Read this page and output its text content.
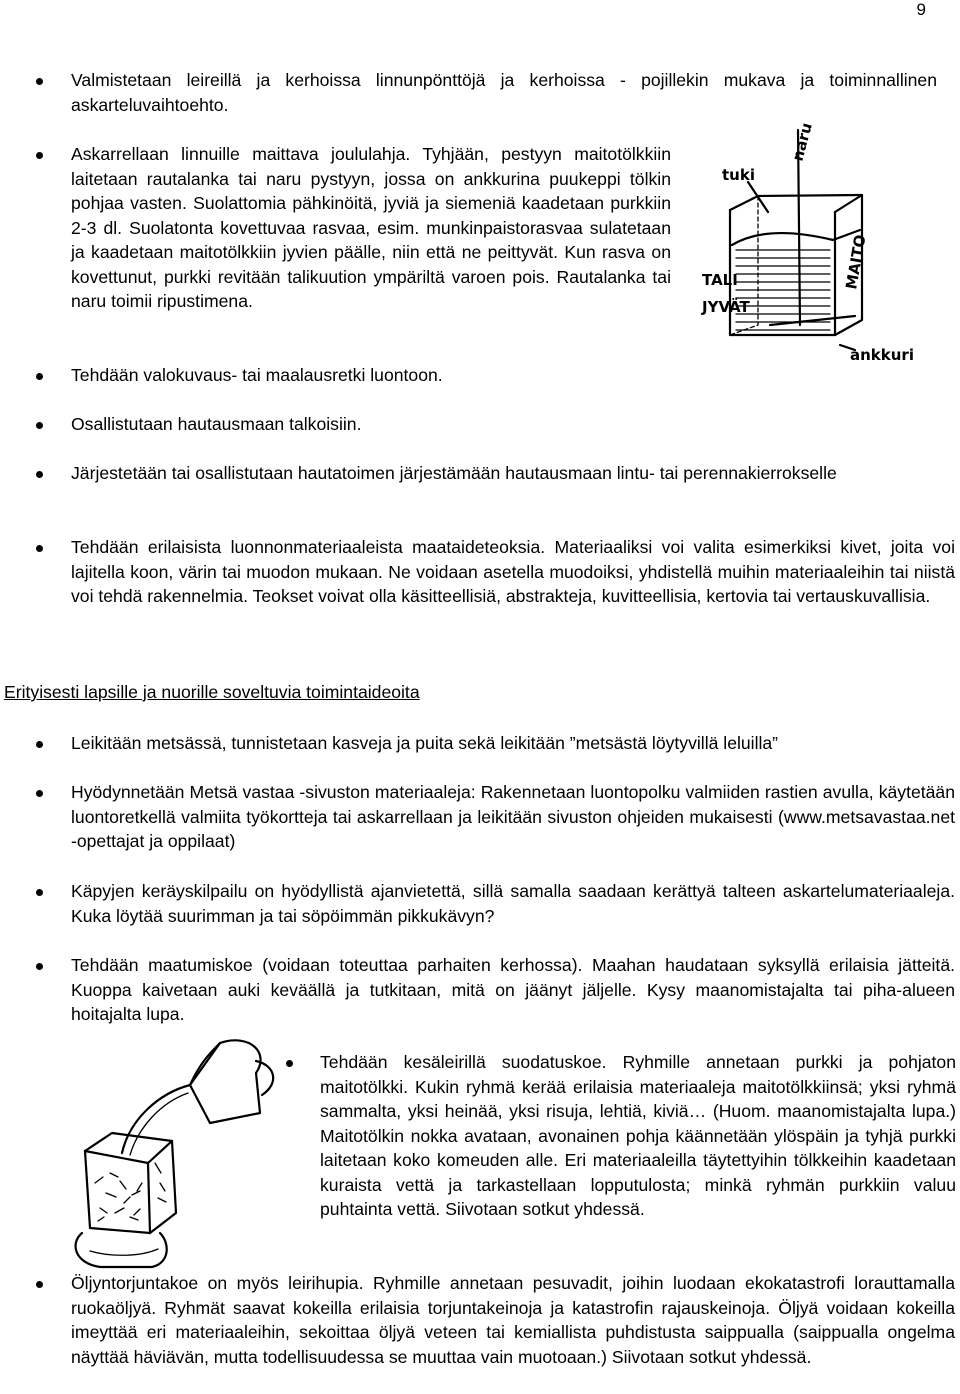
9

Valmistetaan leireillä ja kerhoissa linnunpönttöjä ja kerhoissa - pojillekin mukava ja toiminnallinen askarteluvaihtoehto.

Askarrellaan linnuille maittava joululahja. Tyhjään, pestyyn maitotölkkiin laitetaan rautalanka tai naru pystyyn, jossa on ankkurina puukeppi tölkin pohjaa vasten. Suolattomia pähkinöitä, jyviä ja siemeniä kaadetaan purkkiin 2-3 dl. Suolatonta kovettuvaa rasvaa, esim. munkinpaistorasvaa sulatetaan ja kaadetaan maitotölkkiin jyvien päälle, niin että ne peittyvät. Kun rasva on kovettunut, purkki revitään talikuution ympäriltä varoen pois. Rautalanka tai naru toimii ripustimena.

Tehdään valokuvaus- tai maalausretki luontoon.

Osallistutaan hautausmaan talkoisiin.

Järjestetään tai osallistutaan hautatoimen järjestämään hautausmaan lintu- tai perennakierrokselle

Tehdään erilaisista luonnonmateriaaleista maataideteoksia. Materiaaliksi voi valita esimerkiksi kivet, joita voi lajitella koon, värin tai muodon mukaan. Ne voidaan asetella muodoiksi, yhdistellä muihin materiaaleihin tai niistä voi tehdä rakennelmia. Teokset voivat olla käsitteellisiä, abstrakteja, kuvitteellisia, kertovia tai vertauskuvallisia.

tuki
naru
TALI
JYVÄT
MAITO
ankkuri

Erityisesti lapsille ja nuorille soveltuvia toimintaideoita

Leikitään metsässä, tunnistetaan kasveja ja puita sekä leikitään ”metsästä löytyvillä leluilla”

Hyödynnetään Metsä vastaa -sivuston materiaaleja: Rakennetaan luontopolku valmiiden rastien avulla, käytetään luontoretkellä valmiita työkortteja tai askarrellaan ja leikitään sivuston ohjeiden mukaisesti (www.metsavastaa.net -opettajat ja oppilaat)

Käpyjen keräyskilpailu on hyödyllistä ajanvietettä, sillä samalla saadaan kerättyä talteen askartelumateriaaleja. Kuka löytää suurimman ja tai söpöimmän pikkukävyn?

Tehdään maatumiskoe (voidaan toteuttaa parhaiten kerhossa). Maahan haudataan syksyllä erilaisia jätteitä. Kuoppa kaivetaan auki keväällä ja tutkitaan, mitä on jäänyt jäljelle. Kysy maanomistajalta tai piha-alueen hoitajalta lupa.

Tehdään kesäleirillä suodatuskoe. Ryhmille annetaan purkki ja pohjaton maitotölkki. Kukin ryhmä kerää erilaisia materiaaleja maitotölkkiinsä; yksi ryhmä sammalta, yksi heinää, yksi risuja, lehtiä, kiviä… (Huom. maanomistajalta lupa.) Maitotölkin nokka avataan, avonainen pohja käännetään ylöspäin ja tyhjä purkki laitetaan koko komeuden alle. Eri materiaaleilla täytettyihin tölkkeihin kaadetaan kuraista vettä ja tarkastellaan lopputulosta; minkä ryhmän purkkiin valuu puhtainta vettä. Siivotaan sotkut yhdessä.

Öljyntorjuntakoe on myös leirihupia. Ryhmille annetaan pesuvadit, joihin luodaan ekokatastrofi lorauttamalla ruokaöljyä. Ryhmät saavat kokeilla erilaisia torjuntakeinoja ja katastrofin rajauskeinoja. Öljyä voidaan kokeilla imeyttää eri materiaaleihin, sekoittaa öljyä veteen tai kemiallista puhdistusta saippualla (saippualla ongelma näyttää häviävän, mutta todellisuudessa se muuttaa vain muotoaan.) Siivotaan sotkut yhdessä.
